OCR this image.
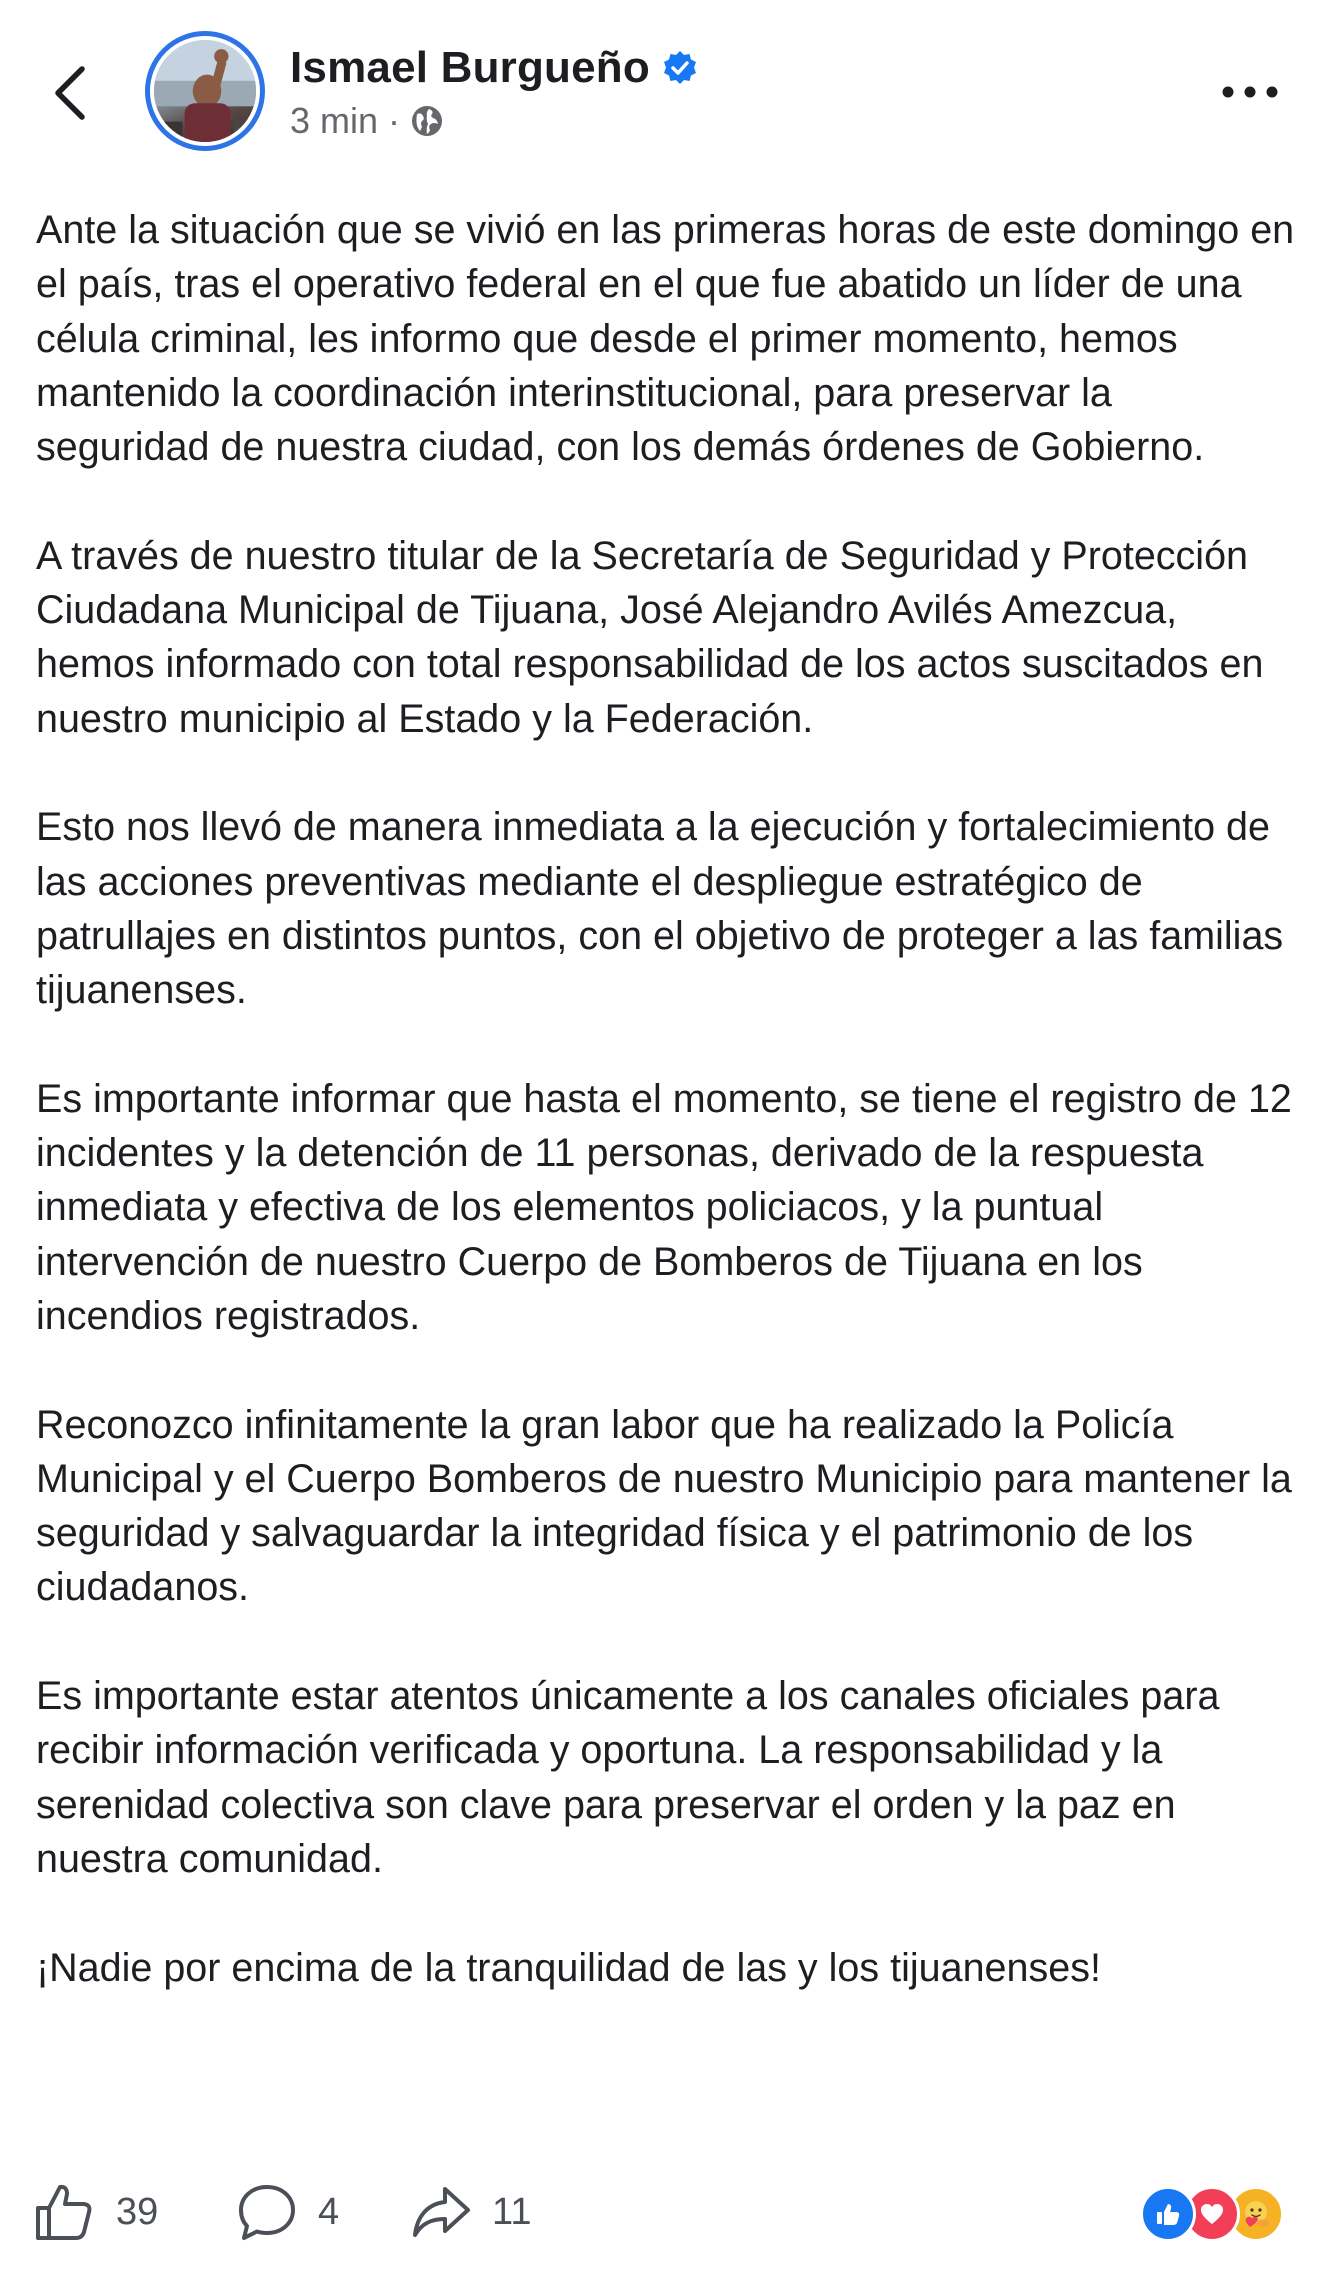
Ismael Burgueño
3 min ·

Ante la situación que se vivió en las primeras horas de este domingo en el país, tras el operativo federal en el que fue abatido un líder de una célula criminal, les informo que desde el primer momento, hemos mantenido la coordinación interinstitucional, para preservar la seguridad de nuestra ciudad, con los demás órdenes de Gobierno.

A través de nuestro titular de la Secretaría de Seguridad y Protección Ciudadana Municipal de Tijuana, José Alejandro Avilés Amezcua, hemos informado con total responsabilidad de los actos suscitados en nuestro municipio al Estado y la Federación.

Esto nos llevó de manera inmediata a la ejecución y fortalecimiento de las acciones preventivas mediante el despliegue estratégico de patrullajes en distintos puntos, con el objetivo de proteger a las familias tijuanenses.

Es importante informar que hasta el momento, se tiene el registro de 12 incidentes y la detención de 11 personas, derivado de la respuesta inmediata y efectiva de los elementos policiacos, y la puntual intervención de nuestro Cuerpo de Bomberos de Tijuana en los incendios registrados.

Reconozco infinitamente la gran labor que ha realizado la Policía Municipal y el Cuerpo Bomberos de nuestro Municipio para mantener la seguridad y salvaguardar la integridad física y el patrimonio de los ciudadanos.

Es importante estar atentos únicamente a los canales oficiales para recibir información verificada y oportuna. La responsabilidad y la serenidad colectiva son clave para preservar el orden y la paz en nuestra comunidad.

¡Nadie por encima de la tranquilidad de las y los tijuanenses!

39	4	11
